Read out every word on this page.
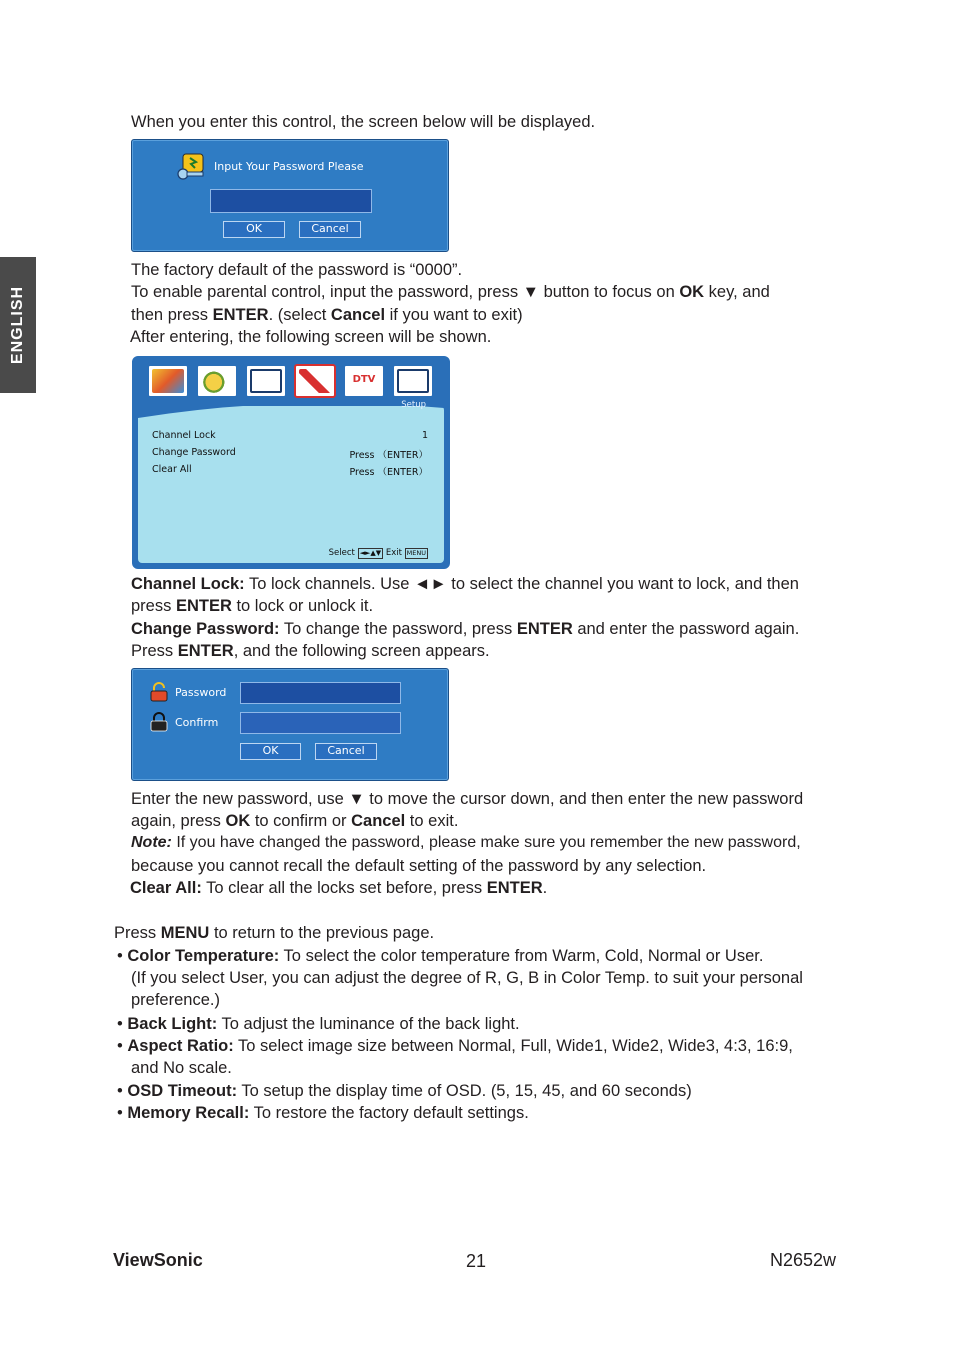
ENGLISH
When you enter this control, the screen below will be displayed.
Input Your Password Please
OK	Cancel
The factory default of the password is “0000”.
To enable parental control, input the password, press ▼ button to focus on OK key, and
then press ENTER. (select Cancel if you want to exit)
After entering, the following screen will be shown.
DTV
Setup
Channel Lock	1
Change Password	Press （ENTER）
Clear All	Press （ENTER）
Select ◄►▲▼ Exit MENU
Channel Lock: To lock channels. Use ◄► to select the channel you want to lock, and then
press ENTER to lock or unlock it.
Change Password: To change the password, press ENTER and enter the password again.
Press ENTER, and the following screen appears.
Password
Confirm
OK	Cancel
Enter the new password, use ▼ to move the cursor down, and then enter the new password
again, press OK to confirm or Cancel to exit.
Note: If you have changed the password, please make sure you remember the new password,
because you cannot recall the default setting of the password by any selection.
Clear All: To clear all the locks set before, press ENTER.
Press MENU to return to the previous page.
• Color Temperature: To select the color temperature from Warm, Cold, Normal or User.
(If you select User, you can adjust the degree of R, G, B in Color Temp. to suit your personal
preference.)
• Back Light: To adjust the luminance of the back light.
• Aspect Ratio: To select image size between Normal, Full, Wide1, Wide2, Wide3, 4:3, 16:9,
and No scale.
• OSD Timeout: To setup the display time of OSD. (5, 15, 45, and 60 seconds)
• Memory Recall: To restore the factory default settings.
ViewSonic	21	N2652w
